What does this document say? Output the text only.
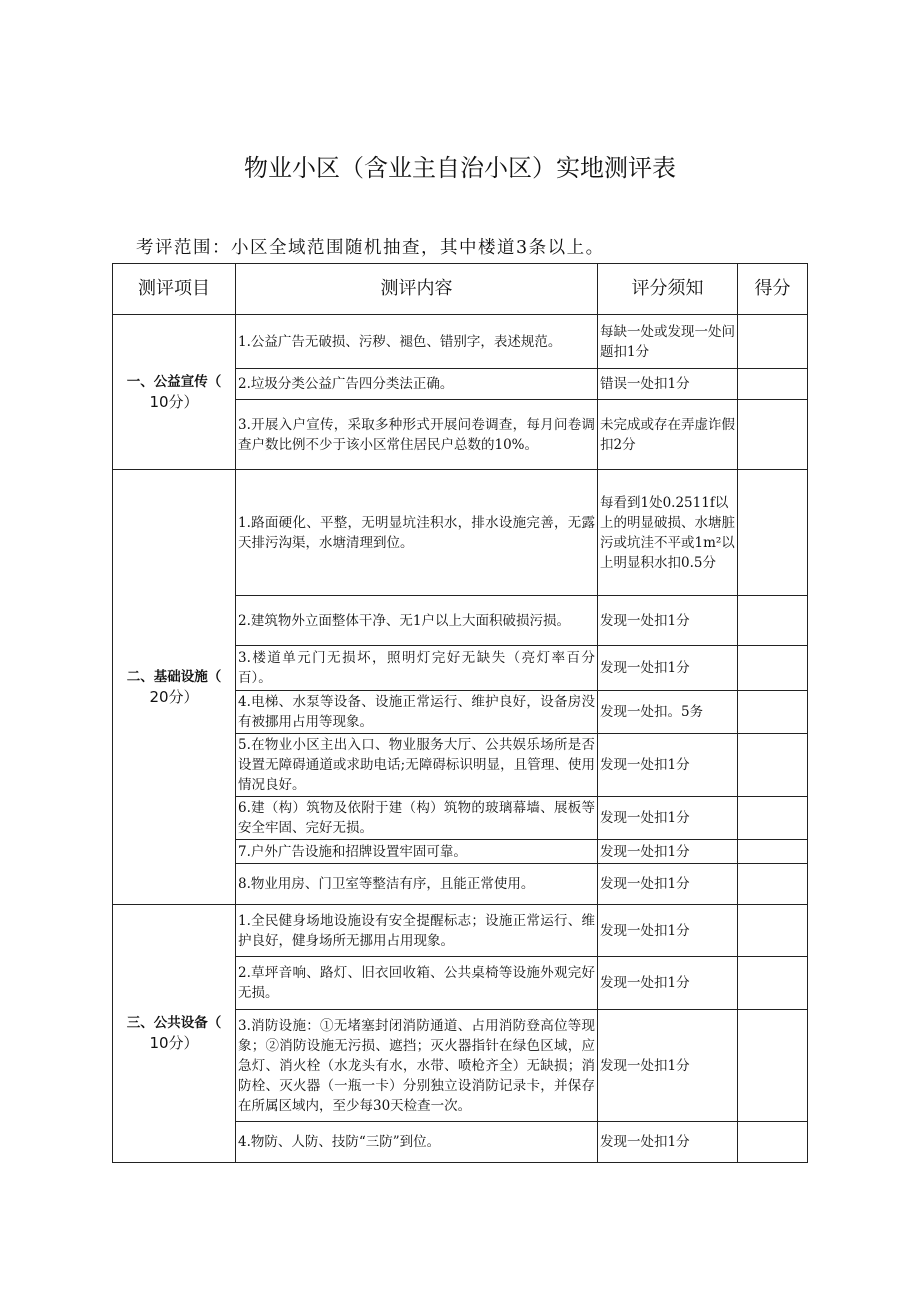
物业小区（含业主自治小区）实地测评表
考评范围：小区全域范围随机抽查，其中楼道3条以上。
测评项目	测评内容	评分须知	得分
一、公益宣传（
10分）	1.公益广告无破损、污秽、褪色、错别字，表述规范。	每缺一处或发现一处问题扣1分	
	2.垃圾分类公益广告四分类法正确。	错误一处扣1分	
	3.开展入户宣传，采取多种形式开展问卷调查，每月问卷调查户数比例不少于该小区常住居民户总数的10%。	未完成或存在弄虚诈假扣2分	
二、基础设施（
20分）	1.路面硬化、平整，无明显坑洼积水，排水设施完善，无露天排污沟渠，水塘清理到位。	每看到1处0.2511f以上的明显破损、水塘脏污或坑洼不平或1m²以上明显积水扣0.5分	
	2.建筑物外立面整体干净、无1户以上大面积破损污损。	发现一处扣1分	
	3.楼道单元门无损坏，照明灯完好无缺失（亮灯率百分百）。	发现一处扣1分	
	4.电梯、水泵等设备、设施正常运行、维护良好，设备房没有被挪用占用等现象。	发现一处扣。5务	
	5.在物业小区主出入口、物业服务大厅、公共娱乐场所是否设置无障碍通道或求助电话;无障碍标识明显，且管理、使用情况良好。	发现一处扣1分	
	6.建（构）筑物及依附于建（构）筑物的玻璃幕墙、展板等安全牢固、完好无损。	发现一处扣1分	
	7.户外广告设施和招牌设置牢固可靠。	发现一处扣1分	
	8.物业用房、门卫室等整洁有序，且能正常使用。	发现一处扣1分	
三、公共设备（
10分）	1.全民健身场地设施设有安全提醒标志；设施正常运行、维护良好，健身场所无挪用占用现象。	发现一处扣1分	
	2.草坪音响、路灯、旧衣回收箱、公共桌椅等设施外观完好无损。	发现一处扣1分	
	3.消防设施：①无堵塞封闭消防通道、占用消防登高位等现象；②消防设施无污损、遮挡；灭火器指针在绿色区域，应急灯、消火栓（水龙头有水，水带、喷枪齐全）无缺损；消防栓、灭火器（一瓶一卡）分别独立设消防记录卡，并保存在所属区域内，至少每30天检查一次。	发现一处扣1分	
	4.物防、人防、技防“三防”到位。	发现一处扣1分	
